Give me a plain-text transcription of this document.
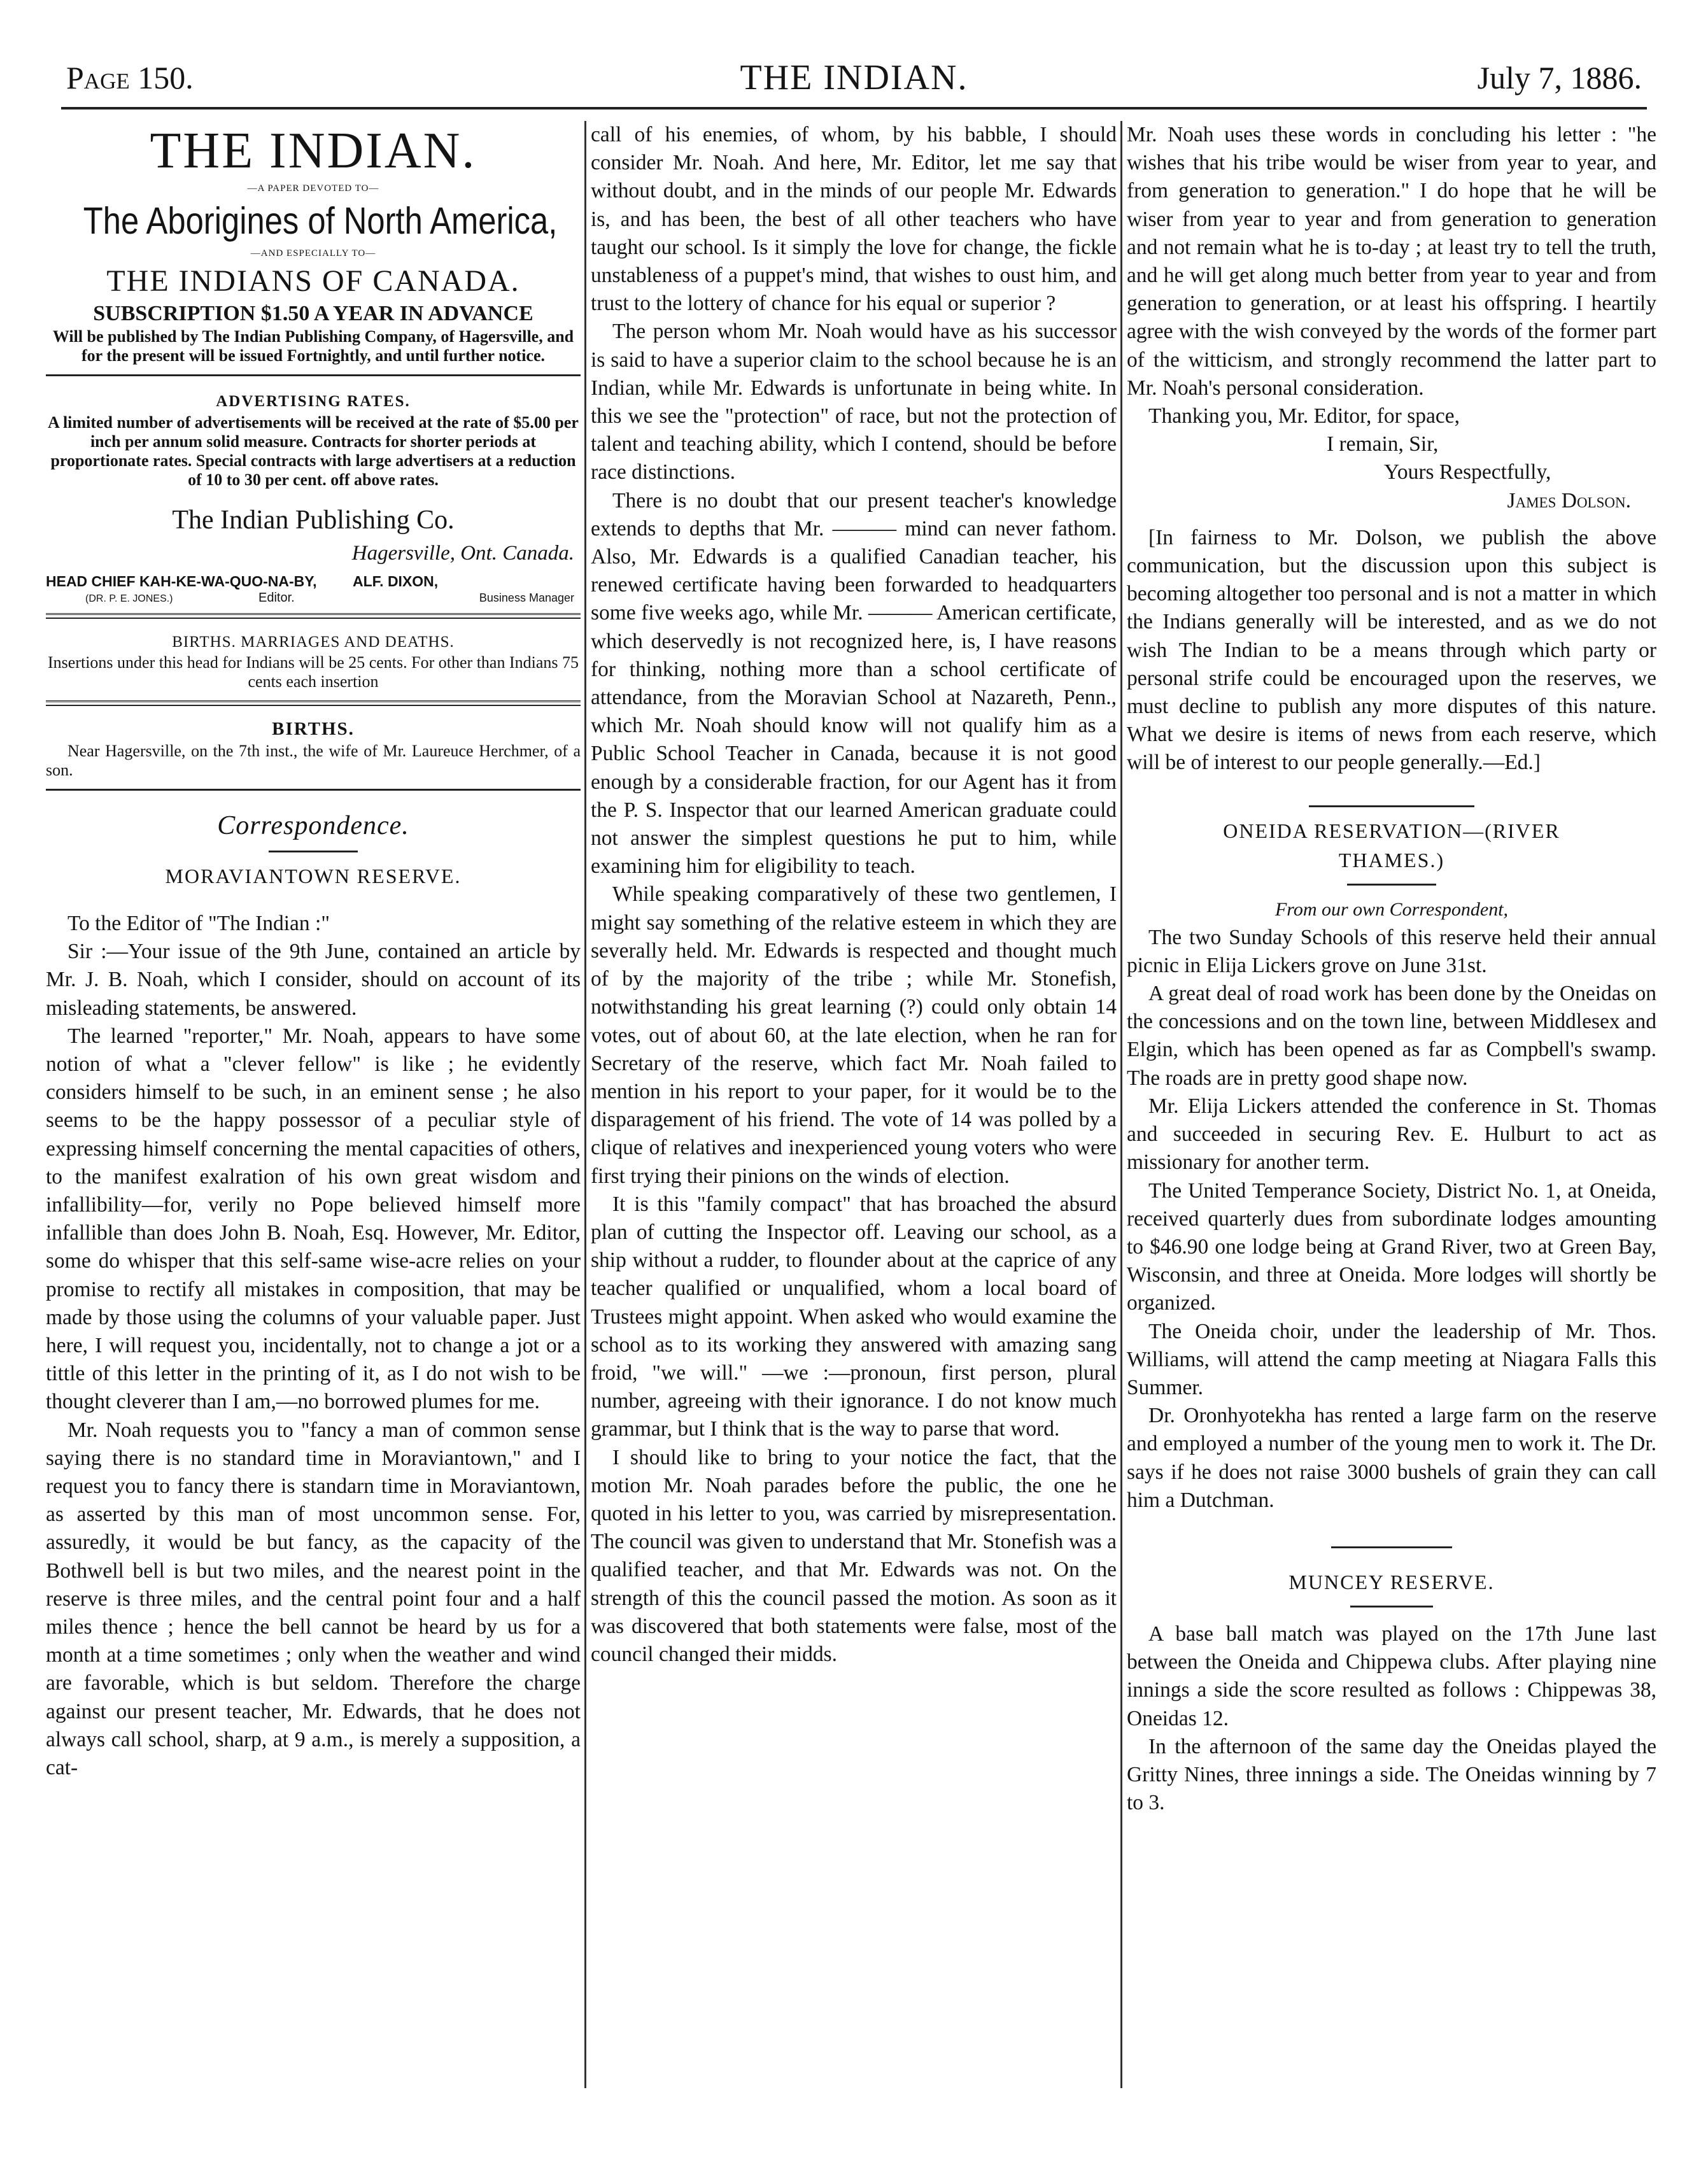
Page 150.	THE INDIAN.	July 7, 1886.
THE INDIAN.
—A PAPER DEVOTED TO—
The Aborigines of North America,
—AND ESPECIALLY TO—
THE INDIANS OF CANADA.
SUBSCRIPTION $1.50 A YEAR IN ADVANCE
Will be published by The Indian Publishing Company, of Hagersville, and for the present will be issued Fortnightly, and until further notice.
ADVERTISING RATES.
A limited number of advertisements will be received at the rate of $5.00 per inch per annum solid measure. Contracts for shorter periods at proportionate rates. Special contracts with large advertisers at a reduction of 10 to 30 per cent. off above rates.
The Indian Publishing Co.
Hagersville, Ont. Canada.
HEAD CHIEF KAH-KE-WA-QUO-NA-BY, ALF. DIXON,
(DR. P. E. JONES.)	Editor.	Business Manager
BIRTHS. MARRIAGES AND DEATHS.
Insertions under this head for Indians will be 25 cents. For other than Indians 75 cents each insertion
BIRTHS.

Near Hagersville, on the 7th inst., the wife of Mr. Laureuce Herchmer, of a son.

Correspondence.
MORAVIANTOWN RESERVE.

To the Editor of "The Indian :"

Sir :—Your issue of the 9th June, contained an article by Mr. J. B. Noah, which I consider, should on account of its misleading statements, be answered.

The learned "reporter," Mr. Noah, appears to have some notion of what a "clever fellow" is like ; he evidently considers himself to be such, in an eminent sense ; he also seems to be the happy possessor of a peculiar style of expressing himself concerning the mental capacities of others, to the manifest exalration of his own great wisdom and infallibility—for, verily no Pope believed himself more infallible than does John B. Noah, Esq. However, Mr. Editor, some do whisper that this self-same wise-acre relies on your promise to rectify all mistakes in composition, that may be made by those using the columns of your valuable paper. Just here, I will request you, incidentally, not to change a jot or a tittle of this letter in the printing of it, as I do not wish to be thought cleverer than I am,—no borrowed plumes for me.

Mr. Noah requests you to "fancy a man of common sense saying there is no standard time in Moraviantown," and I request you to fancy there is standarn time in Moraviantown, as asserted by this man of most uncommon sense. For, assuredly, it would be but fancy, as the capacity of the Bothwell bell is but two miles, and the nearest point in the reserve is three miles, and the central point four and a half miles thence ; hence the bell cannot be heard by us for a month at a time sometimes ; only when the weather and wind are favorable, which is but seldom. Therefore the charge against our present teacher, Mr. Edwards, that he does not always call school, sharp, at 9 a.m., is merely a supposition, a cat-

call of his enemies, of whom, by his babble, I should consider Mr. Noah. And here, Mr. Editor, let me say that without doubt, and in the minds of our people Mr. Edwards is, and has been, the best of all other teachers who have taught our school. Is it simply the love for change, the fickle unstableness of a puppet's mind, that wishes to oust him, and trust to the lottery of chance for his equal or superior ?

The person whom Mr. Noah would have as his successor is said to have a superior claim to the school because he is an Indian, while Mr. Edwards is unfortunate in being white. In this we see the "protection" of race, but not the protection of talent and teaching ability, which I contend, should be before race distinctions.

There is no doubt that our present teacher's knowledge extends to depths that Mr. ——— mind can never fathom. Also, Mr. Edwards is a qualified Canadian teacher, his renewed certificate having been forwarded to headquarters some five weeks ago, while Mr. ——— American certificate, which deservedly is not recognized here, is, I have reasons for thinking, nothing more than a school certificate of attendance, from the Moravian School at Nazareth, Penn., which Mr. Noah should know will not qualify him as a Public School Teacher in Canada, because it is not good enough by a considerable fraction, for our Agent has it from the P. S. Inspector that our learned American graduate could not answer the simplest questions he put to him, while examining him for eligibility to teach.

While speaking comparatively of these two gentlemen, I might say something of the relative esteem in which they are severally held. Mr. Edwards is respected and thought much of by the majority of the tribe ; while Mr. Stonefish, notwithstanding his great learning (?) could only obtain 14 votes, out of about 60, at the late election, when he ran for Secretary of the reserve, which fact Mr. Noah failed to mention in his report to your paper, for it would be to the disparagement of his friend. The vote of 14 was polled by a clique of relatives and inexperienced young voters who were first trying their pinions on the winds of election.

It is this "family compact" that has broached the absurd plan of cutting the Inspector off. Leaving our school, as a ship without a rudder, to flounder about at the caprice of any teacher qualified or unqualified, whom a local board of Trustees might appoint. When asked who would examine the school as to its working they answered with amazing sang froid, "we will." —we :—pronoun, first person, plural number, agreeing with their ignorance. I do not know much grammar, but I think that is the way to parse that word.

I should like to bring to your notice the fact, that the motion Mr. Noah parades before the public, the one he quoted in his letter to you, was carried by misrepresentation. The council was given to understand that Mr. Stonefish was a qualified teacher, and that Mr. Edwards was not. On the strength of this the council passed the motion. As soon as it was discovered that both statements were false, most of the council changed their midds.

Mr. Noah uses these words in concluding his letter : "he wishes that his tribe would be wiser from year to year, and from generation to generation." I do hope that he will be wiser from year to year and from generation to generation and not remain what he is to-day ; at least try to tell the truth, and he will get along much better from year to year and from generation to generation, or at least his offspring. I heartily agree with the wish conveyed by the words of the former part of the witticism, and strongly recommend the latter part to Mr. Noah's personal consideration.

Thanking you, Mr. Editor, for space,

I remain, Sir,

Yours Respectfully,

James Dolson.

[In fairness to Mr. Dolson, we publish the above communication, but the discussion upon this subject is becoming altogether too personal and is not a matter in which the Indians generally will be interested, and as we do not wish The Indian to be a means through which party or personal strife could be encouraged upon the reserves, we must decline to publish any more disputes of this nature. What we desire is items of news from each reserve, which will be of interest to our people generally.—Ed.]

ONEIDA RESERVATION—(RIVER THAMES.)
From our own Correspondent,

The two Sunday Schools of this reserve held their annual picnic in Elija Lickers grove on June 31st.

A great deal of road work has been done by the Oneidas on the concessions and on the town line, between Middlesex and Elgin, which has been opened as far as Compbell's swamp. The roads are in pretty good shape now.

Mr. Elija Lickers attended the conference in St. Thomas and succeeded in securing Rev. E. Hulburt to act as missionary for another term.

The United Temperance Society, District No. 1, at Oneida, received quarterly dues from subordinate lodges amounting to $46.90 one lodge being at Grand River, two at Green Bay, Wisconsin, and three at Oneida. More lodges will shortly be organized.

The Oneida choir, under the leadership of Mr. Thos. Williams, will attend the camp meeting at Niagara Falls this Summer.

Dr. Oronhyotekha has rented a large farm on the reserve and employed a number of the young men to work it. The Dr. says if he does not raise 3000 bushels of grain they can call him a Dutchman.

MUNCEY RESERVE.

A base ball match was played on the 17th June last between the Oneida and Chippewa clubs. After playing nine innings a side the score resulted as follows : Chippewas 38, Oneidas 12.

In the afternoon of the same day the Oneidas played the Gritty Nines, three innings a side. The Oneidas winning by 7 to 3.
